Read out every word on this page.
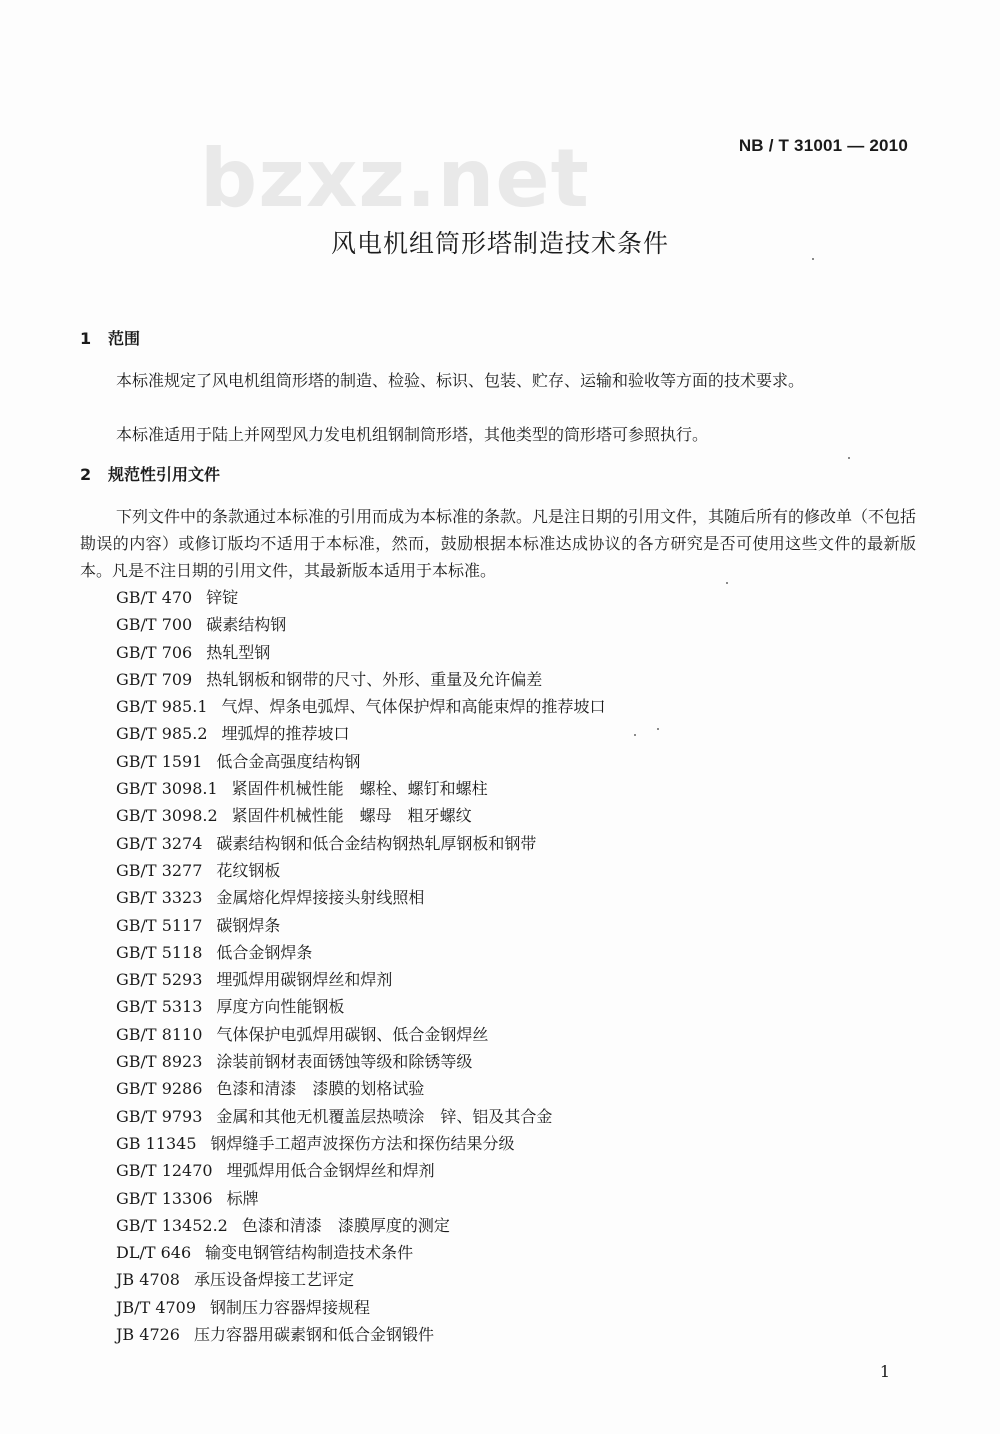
bzxz.net	NB / T 31001 — 2010
风电机组筒形塔制造技术条件
1 范围
本标准规定了风电机组筒形塔的制造、检验、标识、包装、贮存、运输和验收等方面的技术要求。
本标准适用于陆上并网型风力发电机组钢制筒形塔，其他类型的筒形塔可参照执行。
2 规范性引用文件
下列文件中的条款通过本标准的引用而成为本标准的条款。凡是注日期的引用文件，其随后所有的修改单（不包括勘误的内容）或修订版均不适用于本标准，然而，鼓励根据本标准达成协议的各方研究是否可使用这些文件的最新版本。凡是不注日期的引用文件，其最新版本适用于本标准。
GB/T 470 锌锭
GB/T 700 碳素结构钢
GB/T 706 热轧型钢
GB/T 709 热轧钢板和钢带的尺寸、外形、重量及允许偏差
GB/T 985.1 气焊、焊条电弧焊、气体保护焊和高能束焊的推荐坡口
GB/T 985.2 埋弧焊的推荐坡口
GB/T 1591 低合金高强度结构钢
GB/T 3098.1 紧固件机械性能　螺栓、螺钉和螺柱
GB/T 3098.2 紧固件机械性能　螺母　粗牙螺纹
GB/T 3274 碳素结构钢和低合金结构钢热轧厚钢板和钢带
GB/T 3277 花纹钢板
GB/T 3323 金属熔化焊焊接接头射线照相
GB/T 5117 碳钢焊条
GB/T 5118 低合金钢焊条
GB/T 5293 埋弧焊用碳钢焊丝和焊剂
GB/T 5313 厚度方向性能钢板
GB/T 8110 气体保护电弧焊用碳钢、低合金钢焊丝
GB/T 8923 涂装前钢材表面锈蚀等级和除锈等级
GB/T 9286 色漆和清漆　漆膜的划格试验
GB/T 9793 金属和其他无机覆盖层热喷涂　锌、铝及其合金
GB 11345 钢焊缝手工超声波探伤方法和探伤结果分级
GB/T 12470 埋弧焊用低合金钢焊丝和焊剂
GB/T 13306 标牌
GB/T 13452.2 色漆和清漆　漆膜厚度的测定
DL/T 646 输变电钢管结构制造技术条件
JB 4708 承压设备焊接工艺评定
JB/T 4709 钢制压力容器焊接规程
JB 4726 压力容器用碳素钢和低合金钢锻件
1
